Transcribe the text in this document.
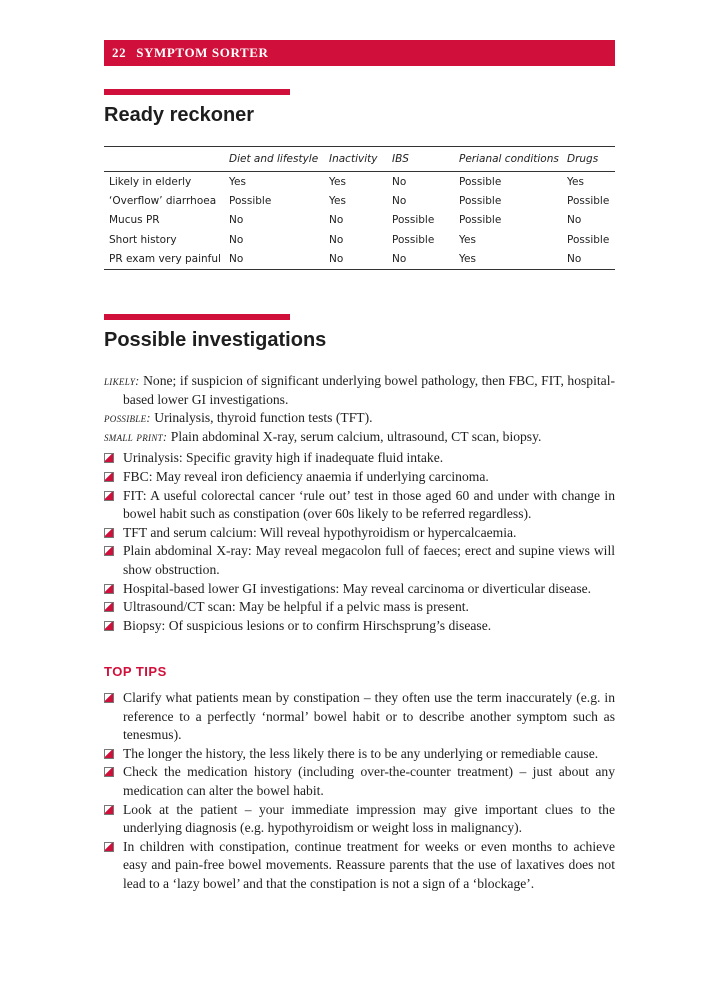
22 SYMPTOM SORTER
Ready reckoner
	Diet and lifestyle	Inactivity	IBS	Perianal conditions	Drugs
Likely in elderly	Yes	Yes	No	Possible	Yes
‘Overflow’ diarrhoea	Possible	Yes	No	Possible	Possible
Mucus PR	No	No	Possible	Possible	No
Short history	No	No	Possible	Yes	Possible
PR exam very painful	No	No	No	Yes	No
Possible investigations

likely: None; if suspicion of significant underlying bowel pathology, then FBC, FIT, hospital-based lower GI investigations.

possible: Urinalysis, thyroid function tests (TFT).

small print: Plain abdominal X-ray, serum calcium, ultrasound, CT scan, biopsy.

Urinalysis: Specific gravity high if inadequate fluid intake.
FBC: May reveal iron deficiency anaemia if underlying carcinoma.
FIT: A useful colorectal cancer ‘rule out’ test in those aged 60 and under with change in bowel habit such as constipation (over 60s likely to be referred regardless).
TFT and serum calcium: Will reveal hypothyroidism or hypercalcaemia.
Plain abdominal X-ray: May reveal megacolon full of faeces; erect and supine views will show obstruction.
Hospital-based lower GI investigations: May reveal carcinoma or diverticular disease.
Ultrasound/CT scan: May be helpful if a pelvic mass is present.
Biopsy: Of suspicious lesions or to confirm Hirschsprung’s disease.
TOP TIPS
Clarify what patients mean by constipation – they often use the term inaccurately (e.g. in reference to a perfectly ‘normal’ bowel habit or to describe another symptom such as tenesmus).
The longer the history, the less likely there is to be any underlying or remediable cause.
Check the medication history (including over-the-counter treatment) – just about any medication can alter the bowel habit.
Look at the patient – your immediate impression may give important clues to the underlying diagnosis (e.g. hypothyroidism or weight loss in malignancy).
In children with constipation, continue treatment for weeks or even months to achieve easy and pain-free bowel movements. Reassure parents that the use of laxatives does not lead to a ‘lazy bowel’ and that the constipation is not a sign of a ‘blockage’.
